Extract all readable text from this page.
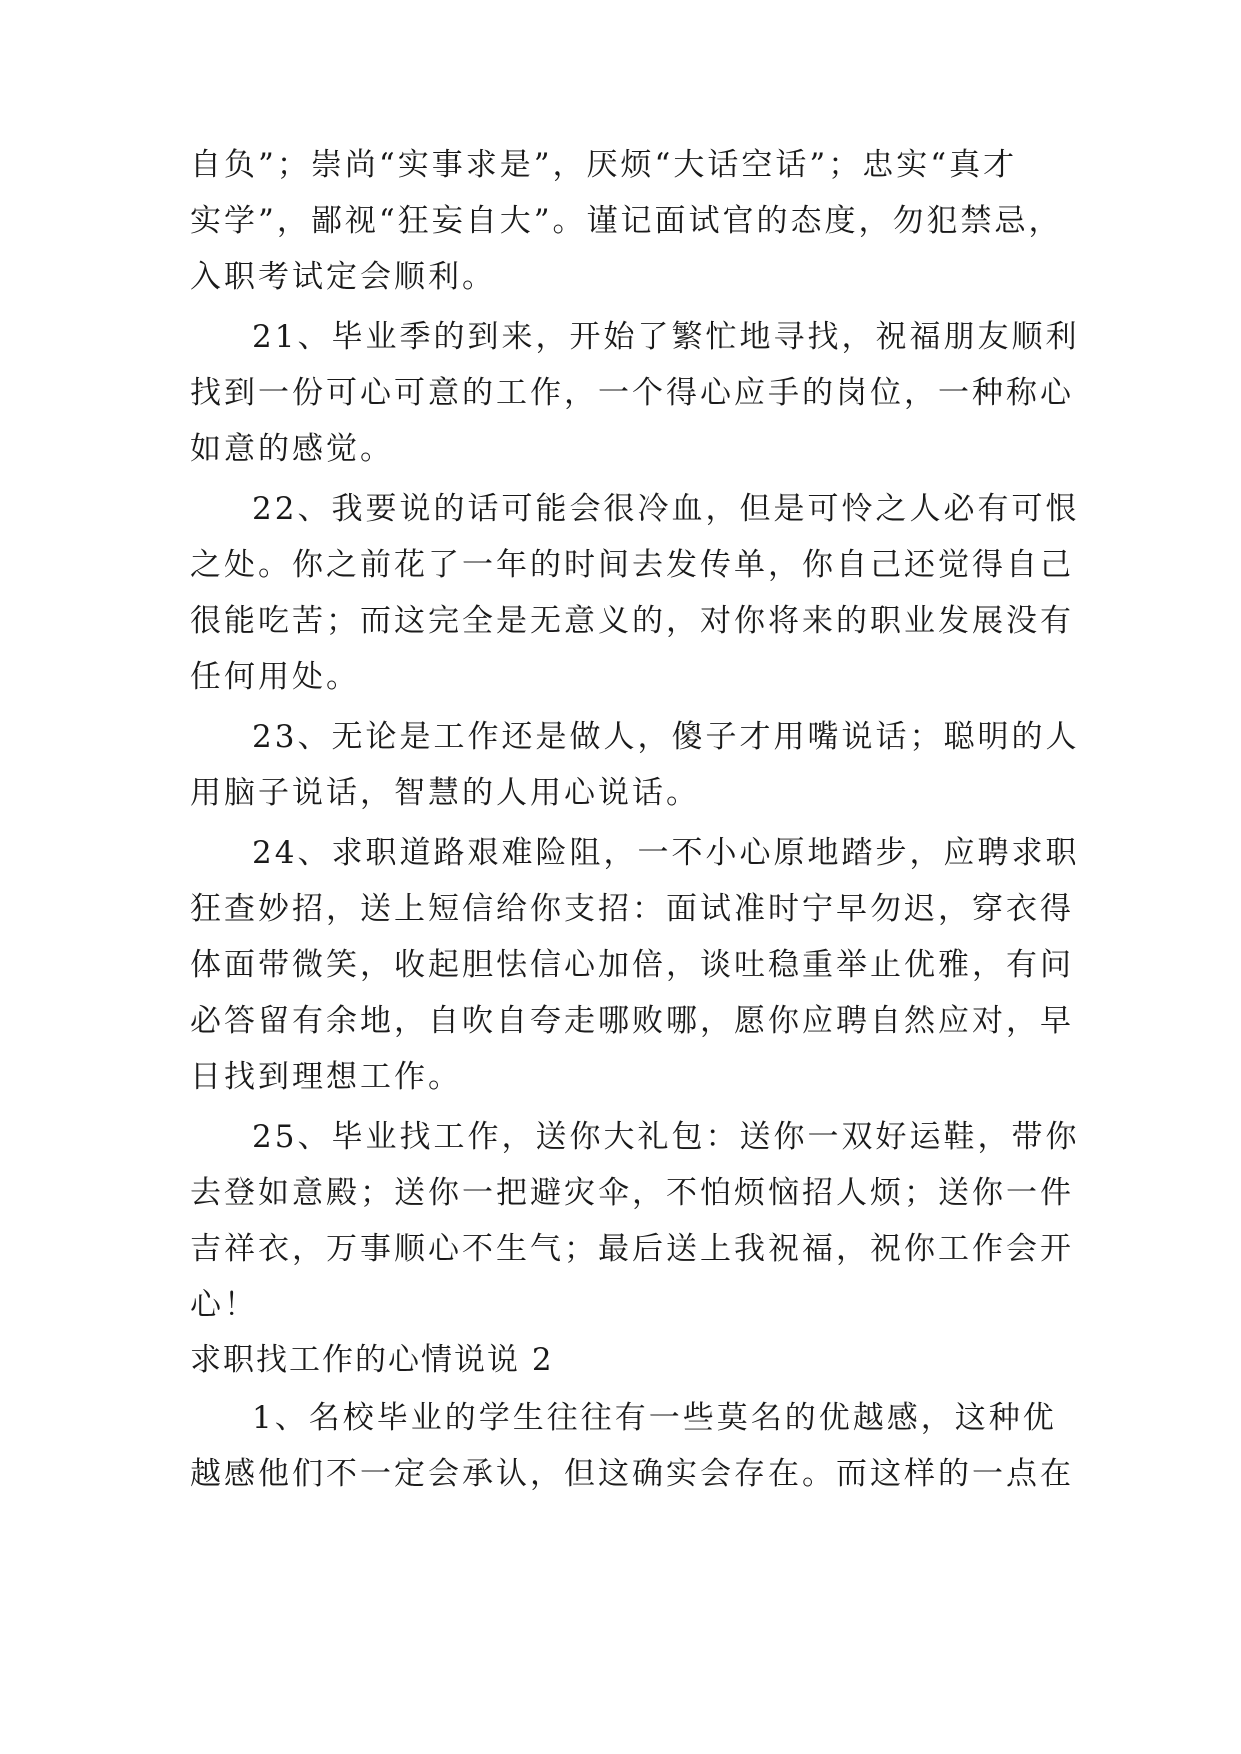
自负”；崇尚“实事求是”，厌烦“大话空话”；忠实“真才
实学”，鄙视“狂妄自大”。谨记面试官的态度，勿犯禁忌，
入职考试定会顺利。
21、毕业季的到来，开始了繁忙地寻找，祝福朋友顺利
找到一份可心可意的工作，一个得心应手的岗位，一种称心
如意的感觉。
22、我要说的话可能会很冷血，但是可怜之人必有可恨
之处。你之前花了一年的时间去发传单，你自己还觉得自己
很能吃苦；而这完全是无意义的，对你将来的职业发展没有
任何用处。
23、无论是工作还是做人，傻子才用嘴说话；聪明的人
用脑子说话，智慧的人用心说话。
24、求职道路艰难险阻，一不小心原地踏步，应聘求职
狂查妙招，送上短信给你支招：面试准时宁早勿迟，穿衣得
体面带微笑，收起胆怯信心加倍，谈吐稳重举止优雅，有问
必答留有余地，自吹自夸走哪败哪，愿你应聘自然应对，早
日找到理想工作。
25、毕业找工作，送你大礼包：送你一双好运鞋，带你
去登如意殿；送你一把避灾伞，不怕烦恼招人烦；送你一件
吉祥衣，万事顺心不生气；最后送上我祝福，祝你工作会开
心！
求职找工作的心情说说 2
1、名校毕业的学生往往有一些莫名的优越感，这种优
越感他们不一定会承认，但这确实会存在。而这样的一点在
